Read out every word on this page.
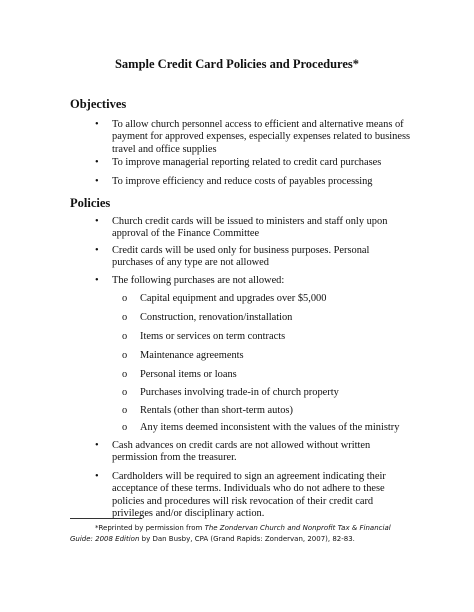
Sample Credit Card Policies and Procedures*
Objectives
• To allow church personnel access to efficient and alternative means of payment for approved expenses, especially expenses related to business travel and office supplies
• To improve managerial reporting related to credit card purchases
• To improve efficiency and reduce costs of payables processing
Policies
• Church credit cards will be issued to ministers and staff only upon approval of the Finance Committee
• Credit cards will be used only for business purposes. Personal purchases of any type are not allowed
• The following purchases are not allowed:
o Capital equipment and upgrades over $5,000
o Construction, renovation/installation
o Items or services on term contracts
o Maintenance agreements
o Personal items or loans
o Purchases involving trade-in of church property
o Rentals (other than short-term autos)
o Any items deemed inconsistent with the values of the ministry
• Cash advances on credit cards are not allowed without written permission from the treasurer.
• Cardholders will be required to sign an agreement indicating their acceptance of these terms. Individuals who do not adhere to these policies and procedures will risk revocation of their credit card privileges and/or disciplinary action.
*Reprinted by permission from The Zondervan Church and Nonprofit Tax & Financial Guide: 2008 Edition by Dan Busby, CPA (Grand Rapids: Zondervan, 2007), 82-83.
